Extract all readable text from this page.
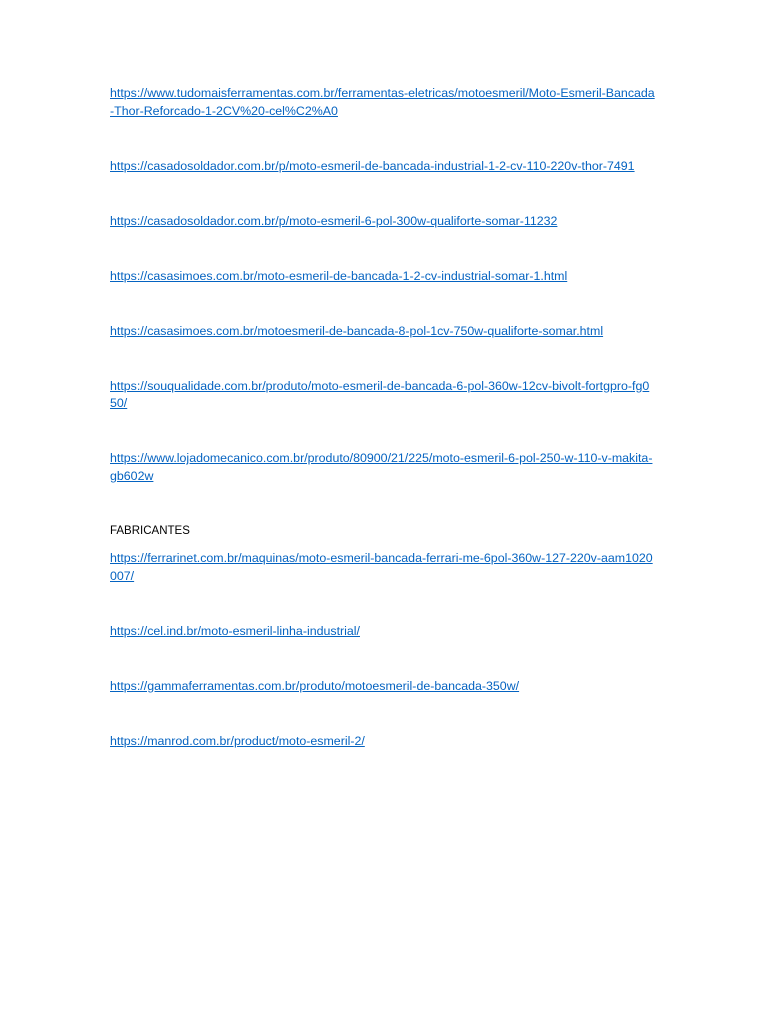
https://www.tudomaisferramentas.com.br/ferramentas-eletricas/motoesmeril/Moto-Esmeril-Bancada-Thor-Reforcado-1-2CV%20-cel%C2%A0
https://casadosoldador.com.br/p/moto-esmeril-de-bancada-industrial-1-2-cv-110-220v-thor-7491
https://casadosoldador.com.br/p/moto-esmeril-6-pol-300w-qualiforte-somar-11232
https://casasimoes.com.br/moto-esmeril-de-bancada-1-2-cv-industrial-somar-1.html
https://casasimoes.com.br/motoesmeril-de-bancada-8-pol-1cv-750w-qualiforte-somar.html
https://souqualidade.com.br/produto/moto-esmeril-de-bancada-6-pol-360w-12cv-bivolt-fortgpro-fg050/
https://www.lojadomecanico.com.br/produto/80900/21/225/moto-esmeril-6-pol-250-w-110-v-makita-gb602w
FABRICANTES
https://ferrarinet.com.br/maquinas/moto-esmeril-bancada-ferrari-me-6pol-360w-127-220v-aam1020007/
https://cel.ind.br/moto-esmeril-linha-industrial/
https://gammaferramentas.com.br/produto/motoesmeril-de-bancada-350w/
https://manrod.com.br/product/moto-esmeril-2/
